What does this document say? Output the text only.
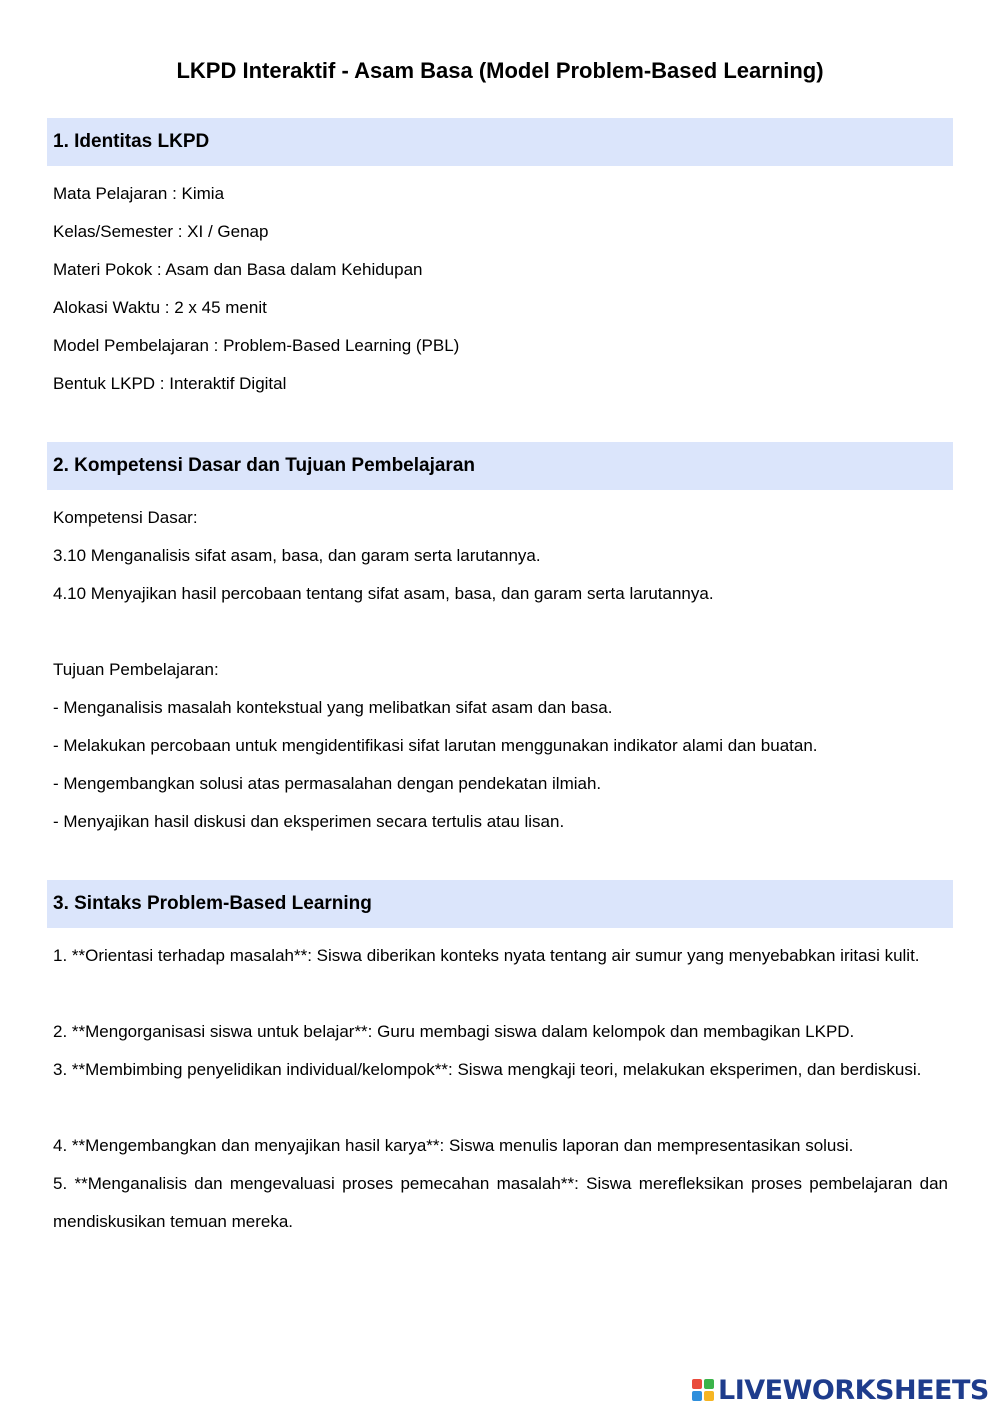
LKPD Interaktif - Asam Basa (Model Problem-Based Learning)
1. Identitas LKPD
Mata Pelajaran : Kimia
Kelas/Semester : XI / Genap
Materi Pokok : Asam dan Basa dalam Kehidupan
Alokasi Waktu : 2 x 45 menit
Model Pembelajaran : Problem-Based Learning (PBL)
Bentuk LKPD : Interaktif Digital
2. Kompetensi Dasar dan Tujuan Pembelajaran
Kompetensi Dasar:
3.10 Menganalisis sifat asam, basa, dan garam serta larutannya.
4.10 Menyajikan hasil percobaan tentang sifat asam, basa, dan garam serta larutannya.
Tujuan Pembelajaran:
- Menganalisis masalah kontekstual yang melibatkan sifat asam dan basa.
- Melakukan percobaan untuk mengidentifikasi sifat larutan menggunakan indikator alami dan buatan.
- Mengembangkan solusi atas permasalahan dengan pendekatan ilmiah.
- Menyajikan hasil diskusi dan eksperimen secara tertulis atau lisan.
3. Sintaks Problem-Based Learning
1. **Orientasi terhadap masalah**: Siswa diberikan konteks nyata tentang air sumur yang menyebabkan iritasi kulit.
2. **Mengorganisasi siswa untuk belajar**: Guru membagi siswa dalam kelompok dan membagikan LKPD.
3. **Membimbing penyelidikan individual/kelompok**: Siswa mengkaji teori, melakukan eksperimen, dan berdiskusi.
4. **Mengembangkan dan menyajikan hasil karya**: Siswa menulis laporan dan mempresentasikan solusi.
5. **Menganalisis dan mengevaluasi proses pemecahan masalah**: Siswa merefleksikan proses pembelajaran dan mendiskusikan temuan mereka.
LIVEWORKSHEETS
